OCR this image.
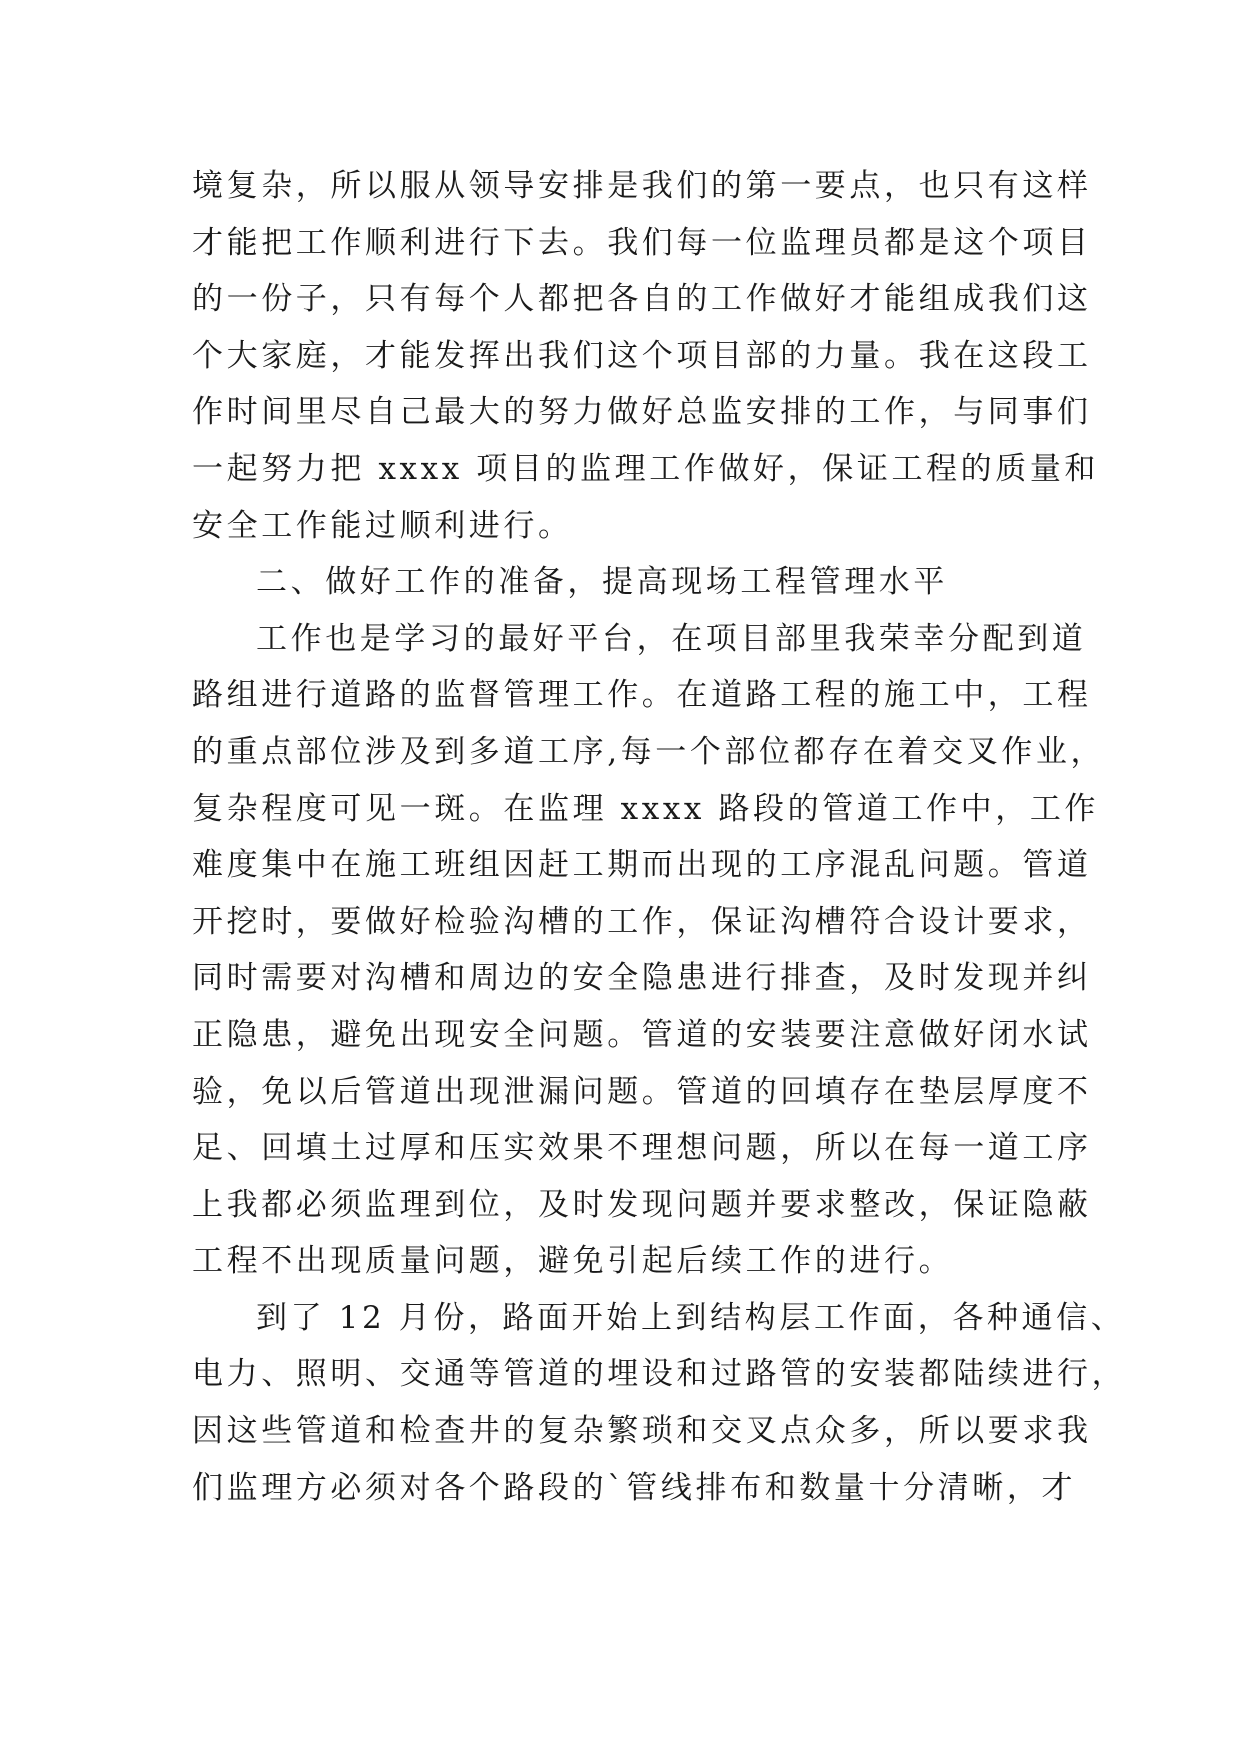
境复杂，所以服从领导安排是我们的第一要点，也只有这样
才能把工作顺利进行下去。我们每一位监理员都是这个项目
的一份子，只有每个人都把各自的工作做好才能组成我们这
个大家庭，才能发挥出我们这个项目部的力量。我在这段工
作时间里尽自己最大的努力做好总监安排的工作，与同事们
一起努力把 xxxx 项目的监理工作做好，保证工程的质量和
安全工作能过顺利进行。
二、做好工作的准备，提高现场工程管理水平
工作也是学习的最好平台，在项目部里我荣幸分配到道
路组进行道路的监督管理工作。在道路工程的施工中，工程
的重点部位涉及到多道工序,每一个部位都存在着交叉作业，
复杂程度可见一斑。在监理 xxxx 路段的管道工作中，工作
难度集中在施工班组因赶工期而出现的工序混乱问题。管道
开挖时，要做好检验沟槽的工作，保证沟槽符合设计要求，
同时需要对沟槽和周边的安全隐患进行排查，及时发现并纠
正隐患，避免出现安全问题。管道的安装要注意做好闭水试
验，免以后管道出现泄漏问题。管道的回填存在垫层厚度不
足、回填土过厚和压实效果不理想问题，所以在每一道工序
上我都必须监理到位，及时发现问题并要求整改，保证隐蔽
工程不出现质量问题，避免引起后续工作的进行。
到了 12 月份，路面开始上到结构层工作面，各种通信、
电力、照明、交通等管道的埋设和过路管的安装都陆续进行，
因这些管道和检查井的复杂繁琐和交叉点众多，所以要求我
们监理方必须对各个路段的`管线排布和数量十分清晰，才
